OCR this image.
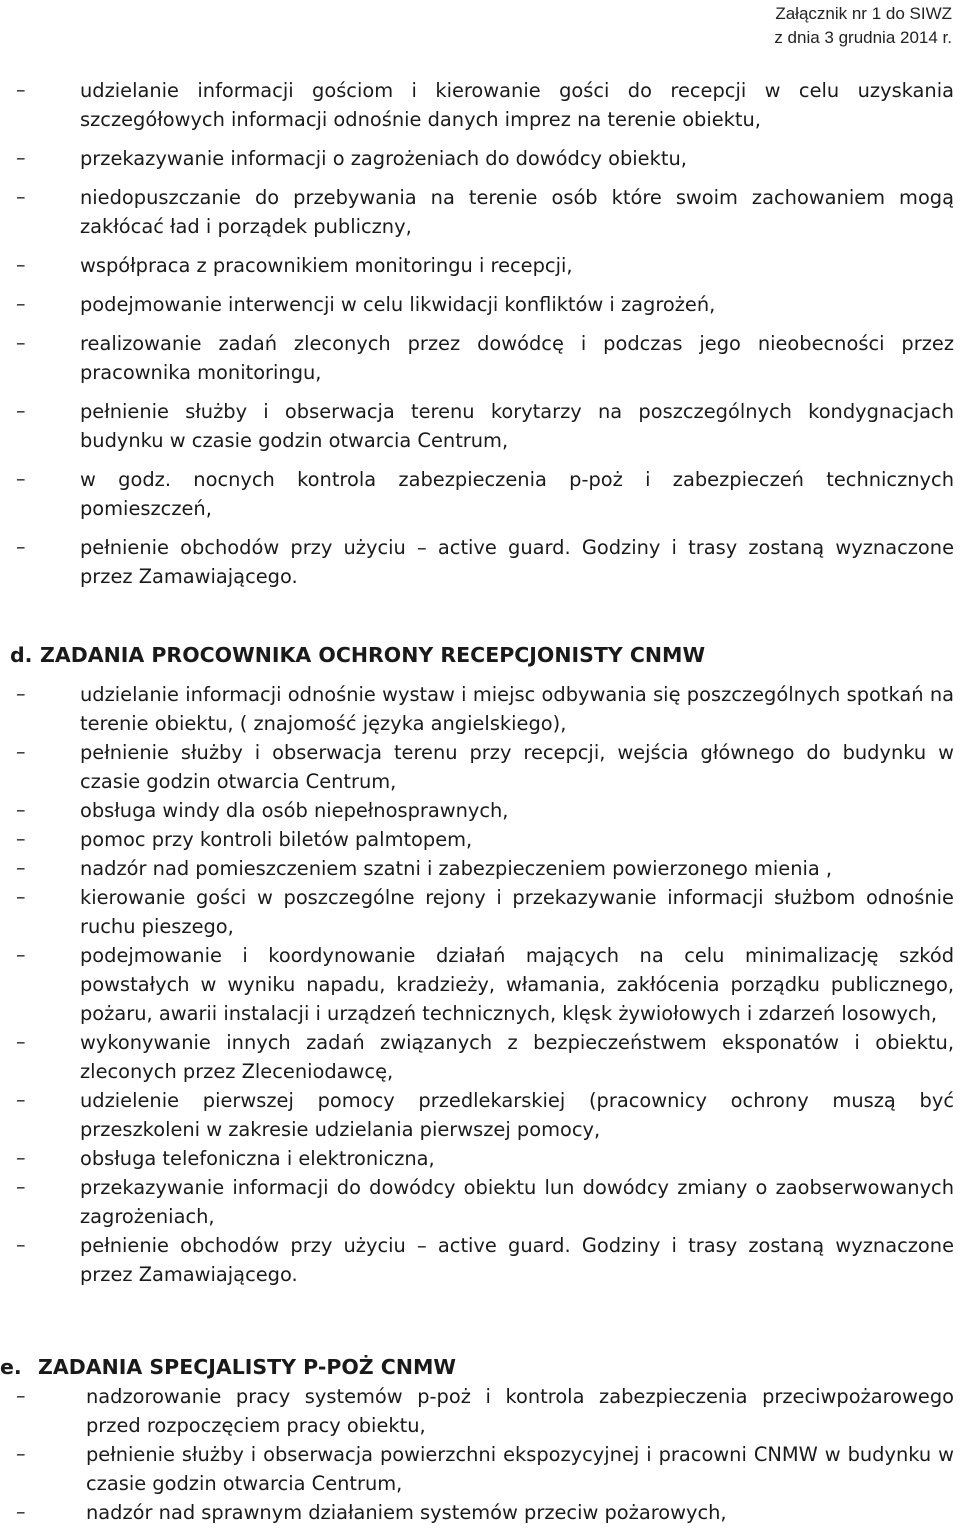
Załącznik nr 1 do SIWZ
z dnia 3 grudnia 2014 r.
–	udzielanie informacji gościom i kierowanie gości do recepcji w celu uzyskania szczegółowych informacji odnośnie danych imprez na terenie obiektu,
–	przekazywanie informacji o zagrożeniach do dowódcy obiektu,
–	niedopuszczanie do przebywania na terenie osób które swoim zachowaniem mogą zakłócać ład i porządek publiczny,
–	współpraca z pracownikiem monitoringu i recepcji,
–	podejmowanie interwencji w celu likwidacji konfliktów i zagrożeń,
–	realizowanie zadań zleconych przez dowódcę i podczas jego nieobecności przez pracownika monitoringu,
–	pełnienie służby i obserwacja terenu korytarzy na poszczególnych kondygnacjach budynku w czasie godzin otwarcia Centrum,
–	w godz. nocnych kontrola zabezpieczenia p-poż i zabezpieczeń technicznych pomieszczeń,
–	pełnienie obchodów przy użyciu – active guard. Godziny i trasy zostaną wyznaczone przez Zamawiającego.
d. ZADANIA PROCOWNIKA OCHRONY RECEPCJONISTY CNMW
–	udzielanie informacji odnośnie wystaw i miejsc odbywania się poszczególnych spotkań na terenie obiektu, ( znajomość języka angielskiego),
–	pełnienie służby i obserwacja terenu przy recepcji, wejścia głównego do budynku w czasie godzin otwarcia Centrum,
–	obsługa windy dla osób niepełnosprawnych,
–	pomoc przy kontroli biletów palmtopem,
–	nadzór nad pomieszczeniem szatni i zabezpieczeniem powierzonego mienia ,
–	kierowanie gości w poszczególne rejony i przekazywanie informacji służbom odnośnie ruchu pieszego,
–	podejmowanie i koordynowanie działań mających na celu minimalizację szkód powstałych w wyniku napadu, kradzieży, włamania, zakłócenia porządku publicznego, pożaru, awarii instalacji i urządzeń technicznych, klęsk żywiołowych i zdarzeń losowych,
–	wykonywanie innych zadań związanych z bezpieczeństwem eksponatów i obiektu, zleconych przez Zleceniodawcę,
–	udzielenie pierwszej pomocy przedlekarskiej (pracownicy ochrony muszą być przeszkoleni w zakresie udzielania pierwszej pomocy,
–	obsługa telefoniczna i elektroniczna,
–	przekazywanie informacji do dowódcy obiektu lun dowódcy zmiany o zaobserwowanych zagrożeniach,
–	pełnienie obchodów przy użyciu – active guard. Godziny i trasy zostaną wyznaczone przez Zamawiającego.
e. ZADANIA SPECJALISTY P-POŻ CNMW
–	nadzorowanie pracy systemów p-poż i kontrola zabezpieczenia przeciwpożarowego przed rozpoczęciem pracy obiektu,
–	pełnienie służby i obserwacja powierzchni ekspozycyjnej i pracowni CNMW w budynku w czasie godzin otwarcia Centrum,
–	nadzór nad sprawnym działaniem systemów przeciw pożarowych,
